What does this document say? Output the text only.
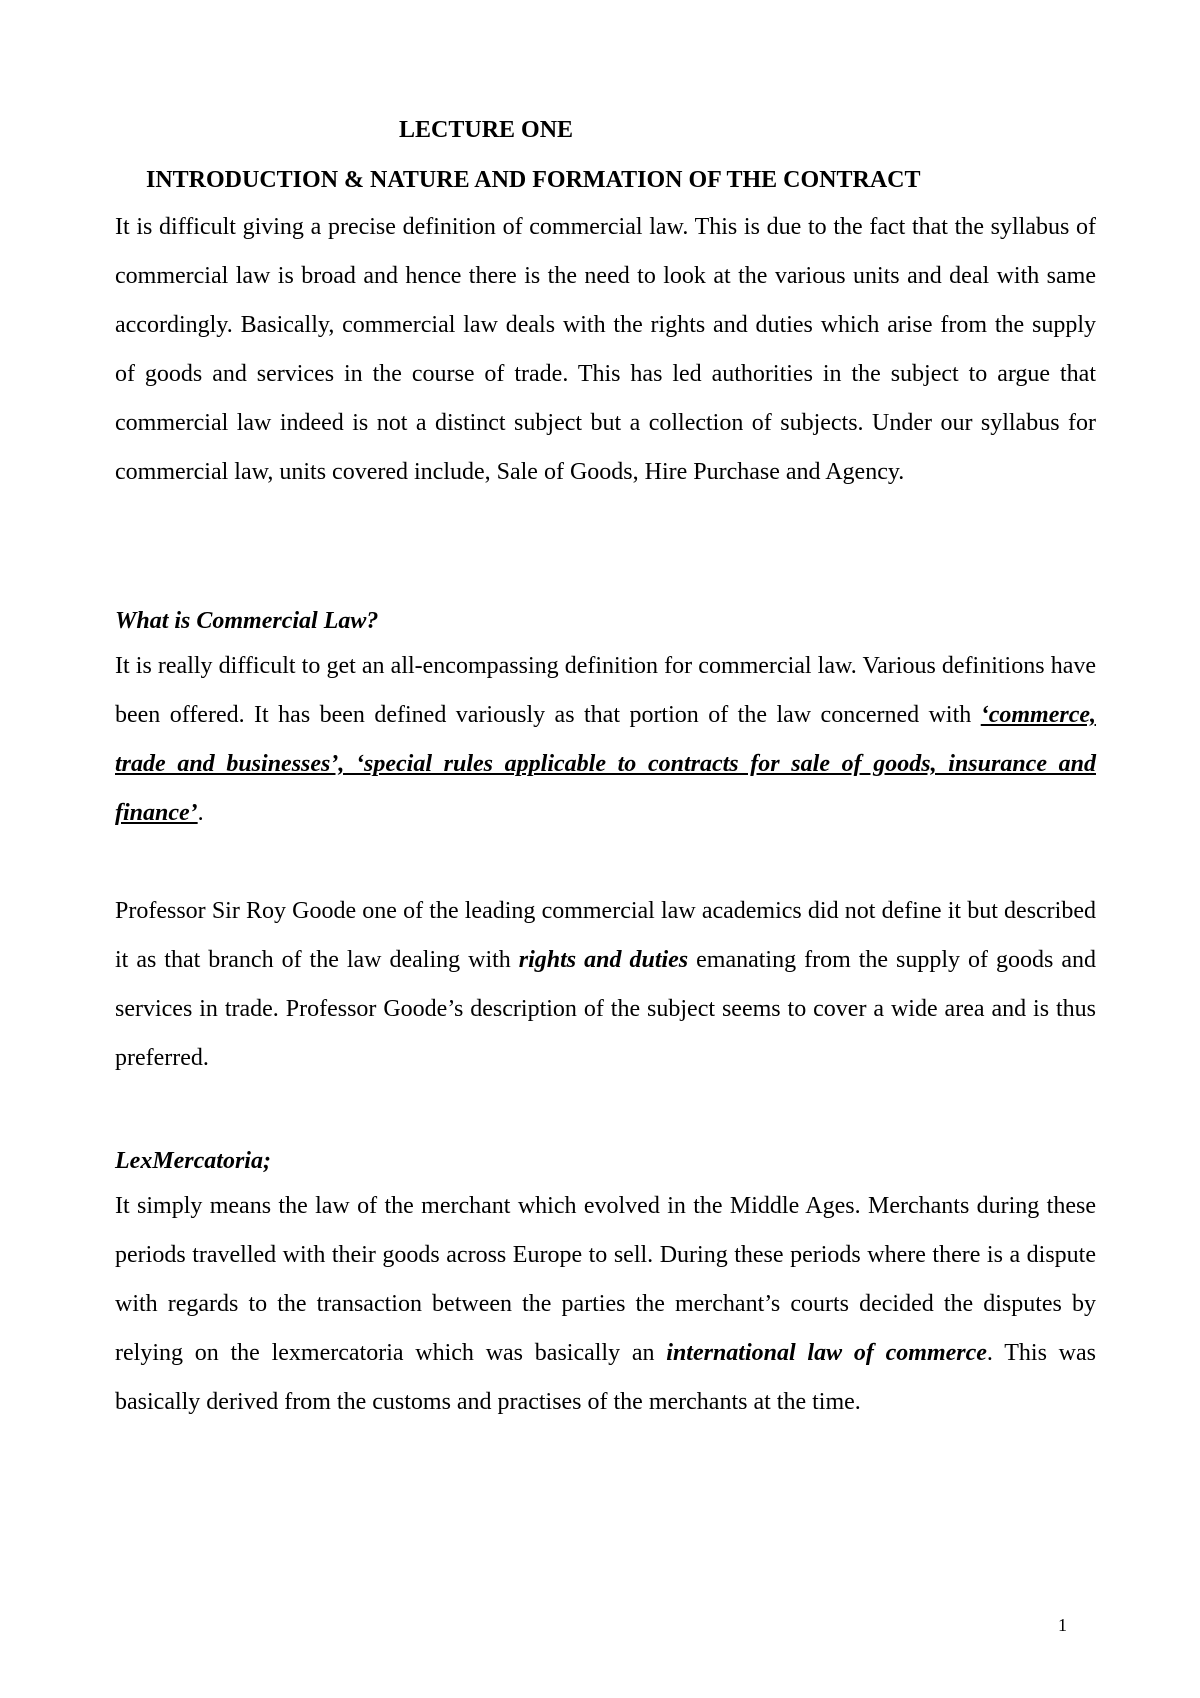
LECTURE ONE
INTRODUCTION & NATURE AND FORMATION OF THE CONTRACT

It is difficult giving a precise definition of commercial law. This is due to the fact that the syllabus of commercial law is broad and hence there is the need to look at the various units and deal with same accordingly. Basically, commercial law deals with the rights and duties which arise from the supply of goods and services in the course of trade. This has led authorities in the subject to argue that commercial law indeed is not a distinct subject but a collection of subjects. Under our syllabus for commercial law, units covered include, Sale of Goods, Hire Purchase and Agency.

What is Commercial Law?

It is really difficult to get an all-encompassing definition for commercial law. Various definitions have been offered. It has been defined variously as that portion of the law concerned with ‘commerce, trade and businesses’, ‘special rules applicable to contracts for sale of goods, insurance and finance’.

Professor Sir Roy Goode one of the leading commercial law academics did not define it but described it as that branch of the law dealing with rights and duties emanating from the supply of goods and services in trade. Professor Goode’s description of the subject seems to cover a wide area and is thus preferred.

LexMercatoria;

It simply means the law of the merchant which evolved in the Middle Ages. Merchants during these periods travelled with their goods across Europe to sell. During these periods where there is a dispute with regards to the transaction between the parties the merchant’s courts decided the disputes by relying on the lexmercatoria which was basically an international law of commerce. This was basically derived from the customs and practises of the merchants at the time.

1
